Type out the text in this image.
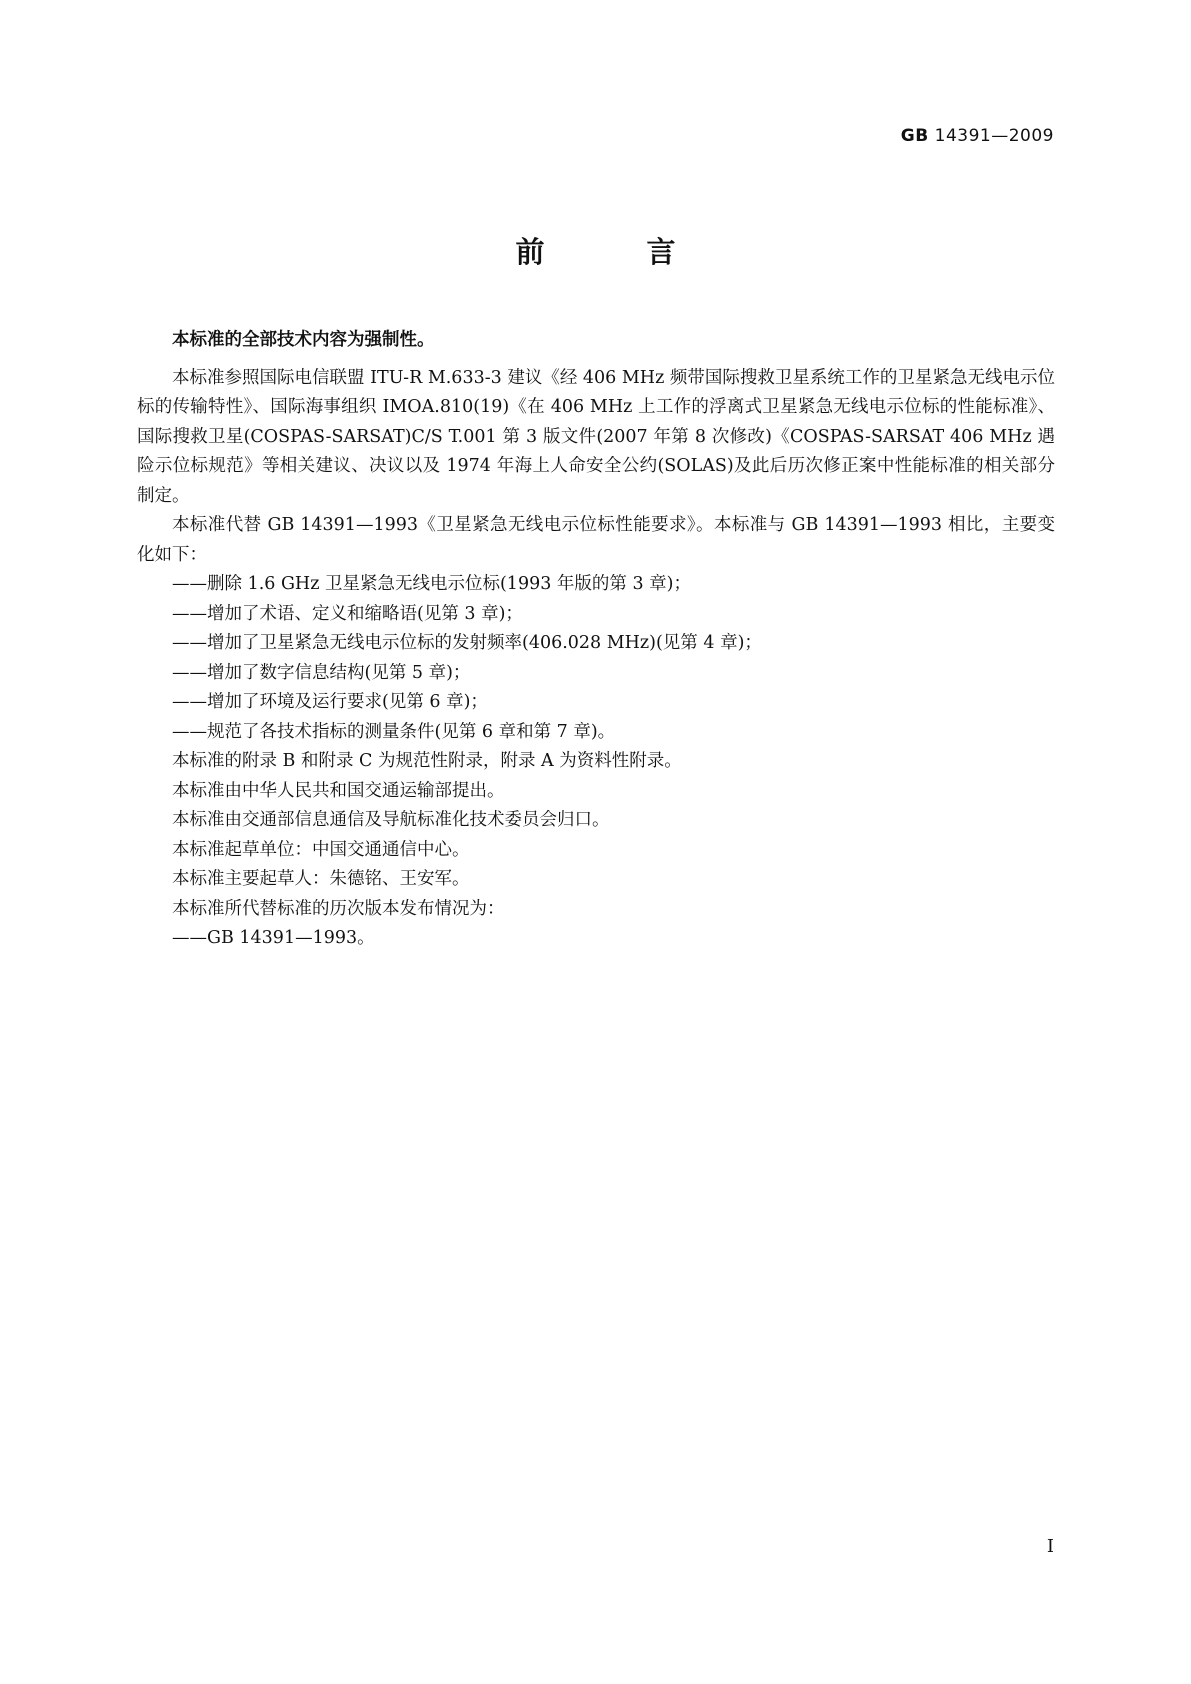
GB 14391—2009
前 言

本标准的全部技术内容为强制性。

本标准参照国际电信联盟 ITU-R M.633-3 建议《经 406 MHz 频带国际搜救卫星系统工作的卫星紧急无线电示位标的传输特性》、国际海事组织 IMOA.810(19)《在 406 MHz 上工作的浮离式卫星紧急无线电示位标的性能标准》、国际搜救卫星(COSPAS-SARSAT)C/S T.001 第 3 版文件(2007 年第 8 次修改)《COSPAS-SARSAT 406 MHz 遇险示位标规范》等相关建议、决议以及 1974 年海上人命安全公约(SOLAS)及此后历次修正案中性能标准的相关部分制定。

本标准代替 GB 14391—1993《卫星紧急无线电示位标性能要求》。本标准与 GB 14391—1993 相比，主要变化如下：

——删除 1.6 GHz 卫星紧急无线电示位标(1993 年版的第 3 章)；

——增加了术语、定义和缩略语(见第 3 章)；

——增加了卫星紧急无线电示位标的发射频率(406.028 MHz)(见第 4 章)；

——增加了数字信息结构(见第 5 章)；

——增加了环境及运行要求(见第 6 章)；

——规范了各技术指标的测量条件(见第 6 章和第 7 章)。

本标准的附录 B 和附录 C 为规范性附录，附录 A 为资料性附录。

本标准由中华人民共和国交通运输部提出。

本标准由交通部信息通信及导航标准化技术委员会归口。

本标准起草单位：中国交通通信中心。

本标准主要起草人：朱德铭、王安军。

本标准所代替标准的历次版本发布情况为：

——GB 14391—1993。

I
